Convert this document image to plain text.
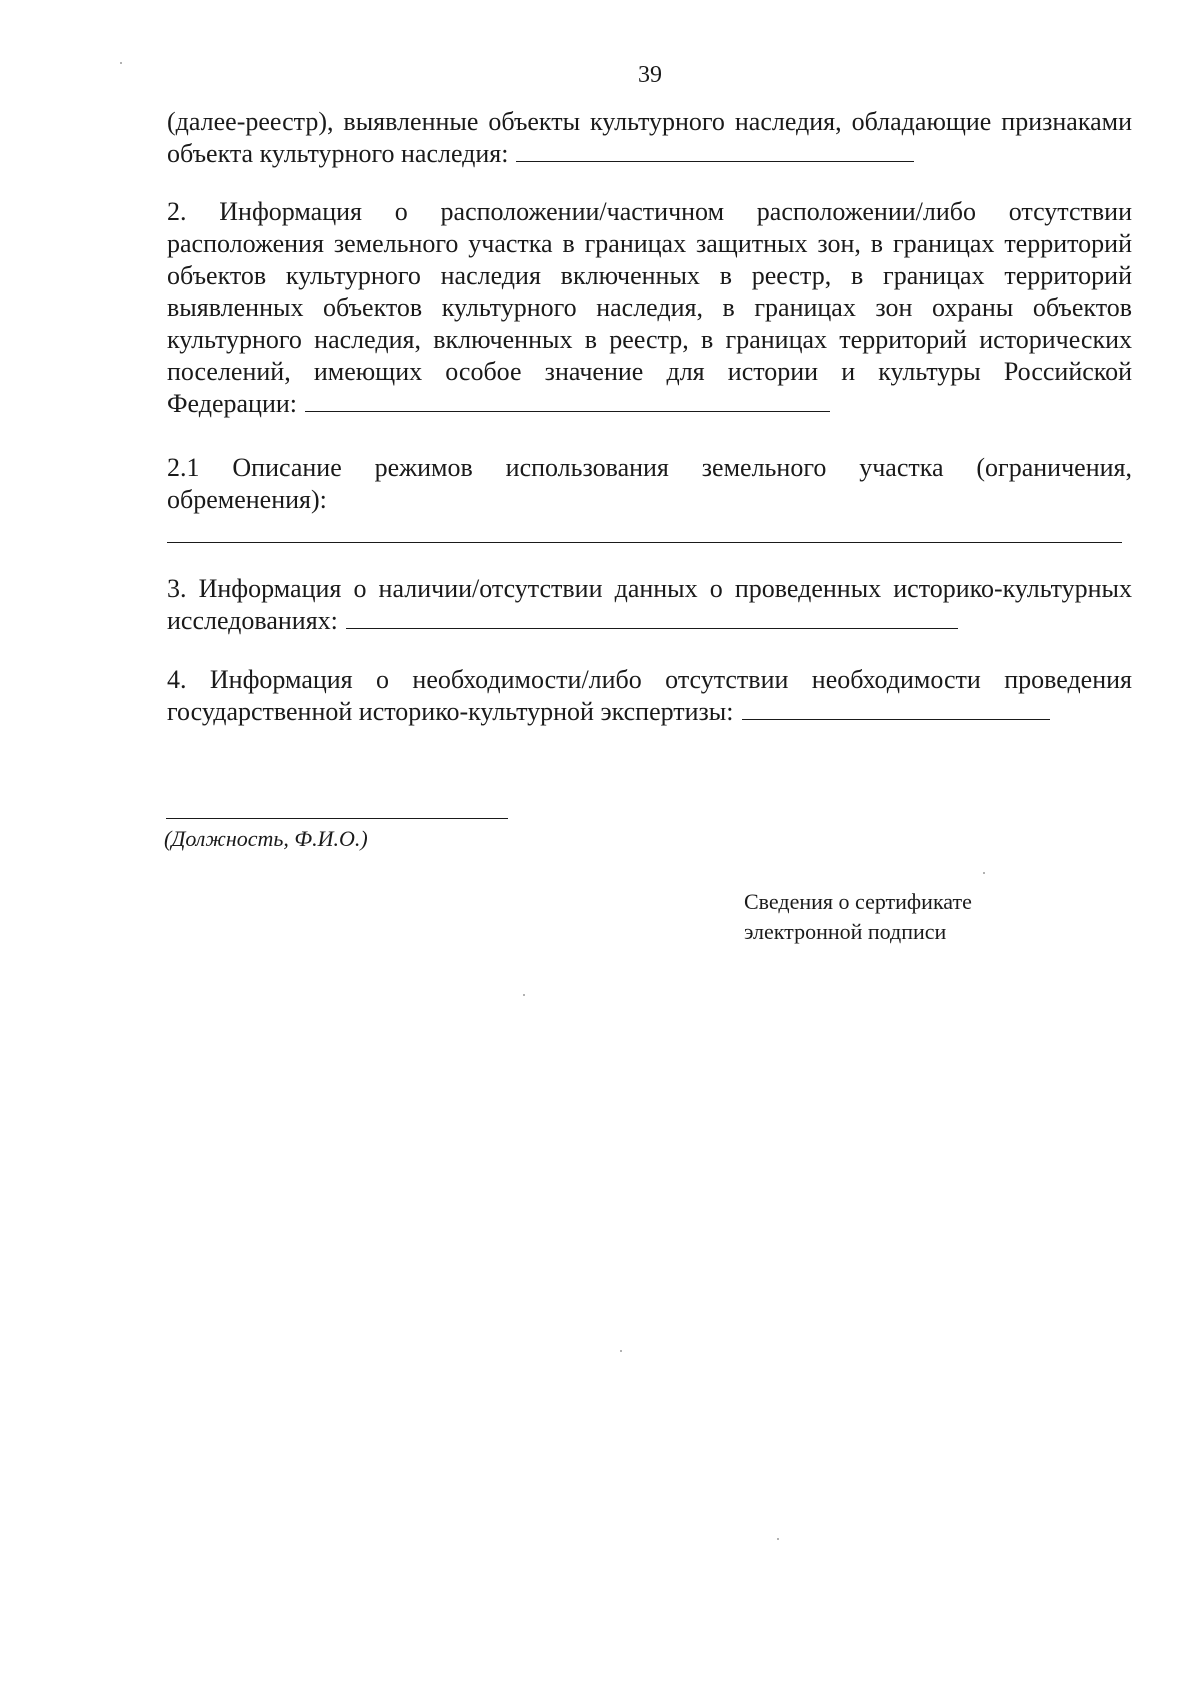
39

(далее-реестр), выявленные объекты культурного наследия, обладающие признаками объекта культурного наследия:

2. Информация о расположении/частичном расположении/либо отсутствии расположения земельного участка в границах защитных зон, в границах территорий объектов культурного наследия включенных в реестр, в границах территорий выявленных объектов культурного наследия, в границах зон охраны объектов культурного наследия, включенных в реестр, в границах территорий исторических поселений, имеющих особое значение для истории и культуры Российской Федерации:

2.1 Описание режимов использования земельного участка (ограничения, обременения):

3. Информация о наличии/отсутствии данных о проведенных историко-культурных исследованиях:

4. Информация о необходимости/либо отсутствии необходимости проведения государственной историко-культурной экспертизы:

(Должность, Ф.И.О.)
Сведения о сертификате
электронной подписи
